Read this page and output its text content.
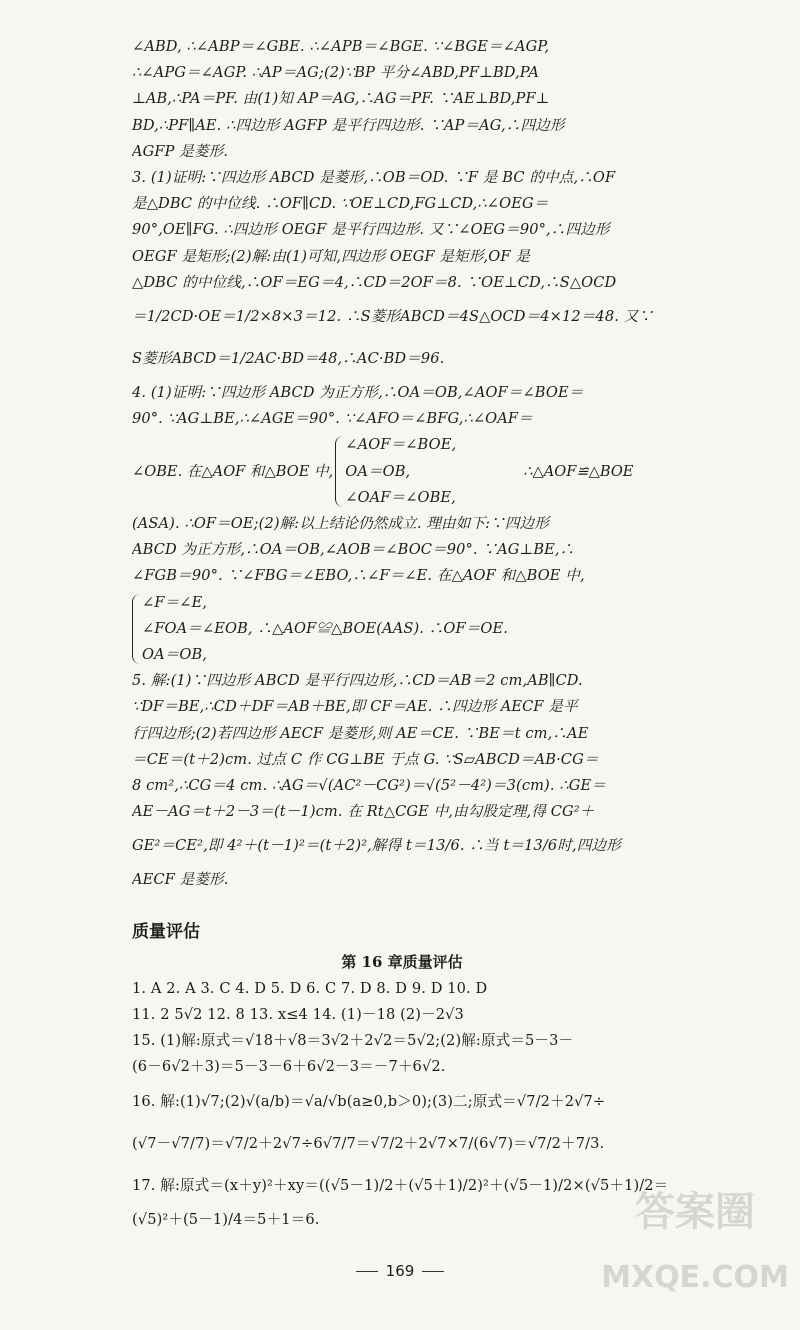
∠ABD, ∴∠ABP＝∠GBE. ∴∠APB＝∠BGE. ∵∠BGE＝∠AGP,
∴∠APG＝∠AGP. ∴AP＝AG;(2)∵BP 平分∠ABD,PF⊥BD,PA
⊥AB,∴PA＝PF. 由(1)知 AP＝AG,∴AG＝PF. ∵AE⊥BD,PF⊥
BD,∴PF∥AE. ∴四边形 AGFP 是平行四边形. ∵AP＝AG,∴四边形
AGFP 是菱形.
3. (1)证明:∵四边形 ABCD 是菱形,∴OB＝OD. ∵F 是 BC 的中点,∴OF
是△DBC 的中位线. ∴OF∥CD. ∵OE⊥CD,FG⊥CD,∴∠OEG＝
90°,OE∥FG. ∴四边形 OEGF 是平行四边形. 又∵∠OEG＝90°,∴四边形
OEGF 是矩形;(2)解:由(1)可知,四边形 OEGF 是矩形,OF 是
△DBC 的中位线,∴OF＝EG＝4,∴CD＝2OF＝8. ∵OE⊥CD,∴S△OCD
＝1/2CD·OE＝1/2×8×3＝12. ∴S菱形ABCD＝4S△OCD＝4×12＝48. 又∵
S菱形ABCD＝1/2AC·BD＝48,∴AC·BD＝96.
4. (1)证明:∵四边形 ABCD 为正方形,∴OA＝OB,∠AOF＝∠BOE＝
90°. ∵AG⊥BE,∴∠AGE＝90°. ∵∠AFO＝∠BFG,∴∠OAF＝
∠OBE. 在△AOF 和△BOE 中,
∠AOF＝∠BOE,
OA＝OB,
∠OAF＝∠OBE,
∴△AOF≌△BOE
(ASA). ∴OF＝OE;(2)解:以上结论仍然成立. 理由如下:∵四边形
ABCD 为正方形,∴OA＝OB,∠AOB＝∠BOC＝90°. ∵AG⊥BE,∴
∠FGB＝90°. ∵∠FBG＝∠EBO,∴∠F＝∠E. 在△AOF 和△BOE 中,
∠F＝∠E,
∠FOA＝∠EOB, ∴△AOF≌△BOE(AAS). ∴OF＝OE.
OA＝OB,
5. 解:(1)∵四边形 ABCD 是平行四边形,∴CD＝AB＝2 cm,AB∥CD.
∵DF＝BE,∴CD＋DF＝AB＋BE,即 CF＝AE. ∴四边形 AECF 是平
行四边形;(2)若四边形 AECF 是菱形,则 AE＝CE. ∵BE＝t cm,∴AE
＝CE＝(t＋2)cm. 过点 C 作 CG⊥BE 于点 G. ∵S▱ABCD＝AB·CG＝
8 cm²,∴CG＝4 cm. ∴AG＝√(AC²－CG²)＝√(5²－4²)＝3(cm). ∴GE＝
AE－AG＝t＋2－3＝(t－1)cm. 在 Rt△CGE 中,由勾股定理,得 CG²＋
GE²＝CE²,即 4²＋(t－1)²＝(t＋2)²,解得 t＝13/6. ∴当 t＝13/6时,四边形
AECF 是菱形.
质量评估
第 16 章质量评估
1. A 2. A 3. C 4. D 5. D 6. C 7. D 8. D 9. D 10. D
11. 2 5√2 12. 8 13. x≤4 14. (1)－18 (2)－2√3
15. (1)解:原式＝√18＋√8＝3√2＋2√2＝5√2;(2)解:原式＝5－3－
(6－6√2＋3)＝5－3－6＋6√2－3＝－7＋6√2.
16. 解:(1)√7;(2)√(a/b)＝√a/√b(a≥0,b＞0);(3)二;原式＝√7/2＋2√7÷
(√7－√7/7)＝√7/2＋2√7÷6√7/7＝√7/2＋2√7×7/(6√7)＝√7/2＋7/3.
17. 解:原式＝(x＋y)²＋xy＝((√5－1)/2＋(√5＋1)/2)²＋(√5－1)/2×(√5＋1)/2＝
(√5)²＋(5－1)/4＝5＋1＝6.
169
答案圈
MXQE.COM
